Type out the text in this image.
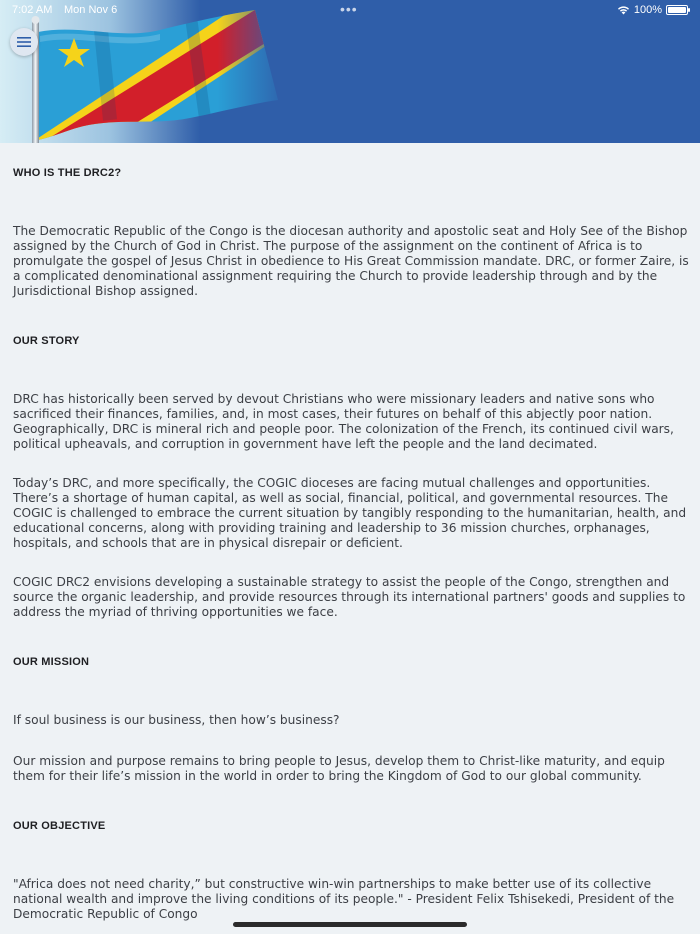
7:02 AM Mon Nov 6	•••	100%
WHO IS THE DRC2?

The Democratic Republic of the Congo is the diocesan authority and apostolic seat and Holy See of the Bishop assigned by the Church of God in Christ. The purpose of the assignment on the continent of Africa is to promulgate the gospel of Jesus Christ in obedience to His Great Commission mandate. DRC, or former Zaire, is a complicated denominational assignment requiring the Church to provide leadership through and by the Jurisdictional Bishop assigned.

OUR STORY

DRC has historically been served by devout Christians who were missionary leaders and native sons who sacrificed their finances, families, and, in most cases, their futures on behalf of this abjectly poor nation. Geographically, DRC is mineral rich and people poor. The colonization of the French, its continued civil wars, political upheavals, and corruption in government have left the people and the land decimated.

Today’s DRC, and more specifically, the COGIC dioceses are facing mutual challenges and opportunities. There’s a shortage of human capital, as well as social, financial, political, and governmental resources. The COGIC is challenged to embrace the current situation by tangibly responding to the humanitarian, health, and educational concerns, along with providing training and leadership to 36 mission churches, orphanages, hospitals, and schools that are in physical disrepair or deficient.

COGIC DRC2 envisions developing a sustainable strategy to assist the people of the Congo, strengthen and source the organic leadership, and provide resources through its international partners' goods and supplies to address the myriad of thriving opportunities we face.

OUR MISSION

If soul business is our business, then how’s business?

Our mission and purpose remains to bring people to Jesus, develop them to Christ-like maturity, and equip them for their life’s mission in the world in order to bring the Kingdom of God to our global community.

OUR OBJECTIVE

"Africa does not need charity,” but constructive win-win partnerships to make better use of its collective national wealth and improve the living conditions of its people." - President Felix Tshisekedi, President of the Democratic Republic of Congo
